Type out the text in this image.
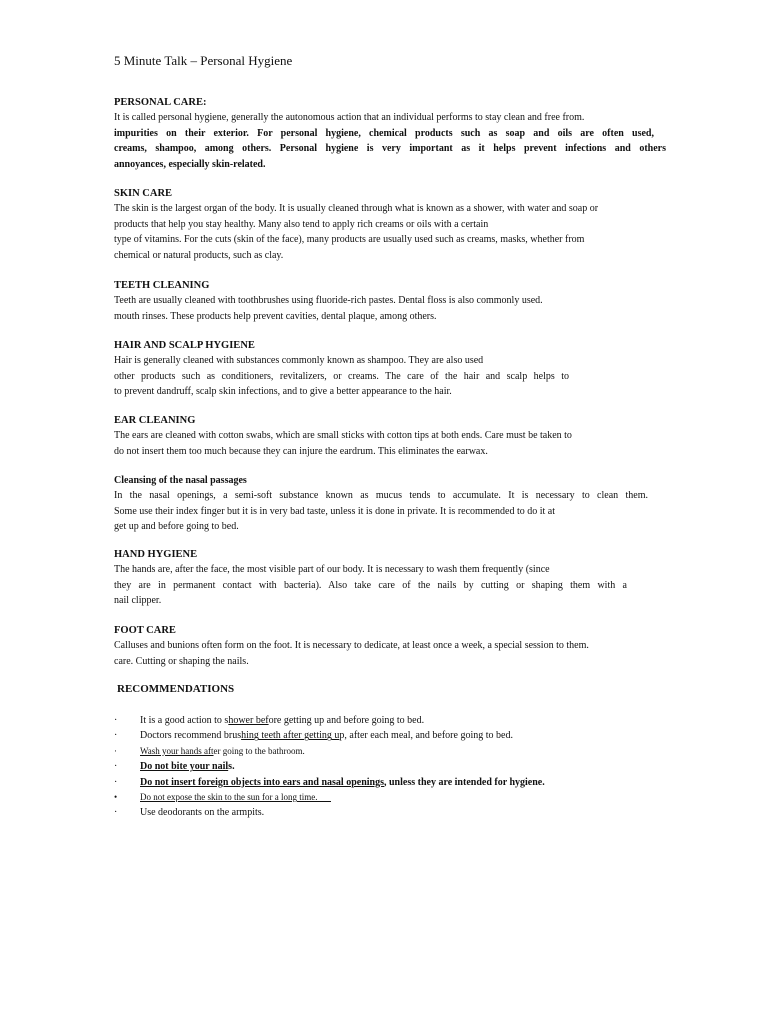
5 Minute Talk – Personal Hygiene
PERSONAL CARE:
It is called personal hygiene, generally the autonomous action that an individual performs to stay clean and free from.
impurities on their exterior. For personal hygiene, chemical products such as soap and oils are often used,
creams, shampoo, among others. Personal hygiene is very important as it helps prevent infections and others
annoyances, especially skin-related.
SKIN CARE
The skin is the largest organ of the body. It is usually cleaned through what is known as a shower, with water and soap or
products that help you stay healthy. Many also tend to apply rich creams or oils with a certain
type of vitamins. For the cuts (skin of the face), many products are usually used such as creams, masks, whether from
chemical or natural products, such as clay.
TEETH CLEANING
Teeth are usually cleaned with toothbrushes using fluoride-rich pastes. Dental floss is also commonly used.
mouth rinses. These products help prevent cavities, dental plaque, among others.
HAIR AND SCALP HYGIENE
Hair is generally cleaned with substances commonly known as shampoo. They are also used
other products such as conditioners, revitalizers, or creams. The care of the hair and scalp helps to
to prevent dandruff, scalp skin infections, and to give a better appearance to the hair.
EAR CLEANING
The ears are cleaned with cotton swabs, which are small sticks with cotton tips at both ends. Care must be taken to
do not insert them too much because they can injure the eardrum. This eliminates the earwax.
Cleansing of the nasal passages
In the nasal openings, a semi-soft substance known as mucus tends to accumulate. It is necessary to clean them.
Some use their index finger but it is in very bad taste, unless it is done in private. It is recommended to do it at
get up and before going to bed.
HAND HYGIENE
The hands are, after the face, the most visible part of our body. It is necessary to wash them frequently (since
they are in permanent contact with bacteria). Also take care of the nails by cutting or shaping them with a
nail clipper.
FOOT CARE
Calluses and bunions often form on the foot. It is necessary to dedicate, at least once a week, a special session to them.
care. Cutting or shaping the nails.
RECOMMENDATIONS
·	It is a good action to s hower bef ore getting up and before going to bed.
·	Doctors recommend brus hing teeth after getting u p, after each meal, and before going to bed.
·	Wash your hands aft er going to the bathroom.
·	Do not bite your nail s.
·	Do not insert foreign objects into ears and nasal openings , unless they are intended for hygiene.
•	Do not expose the skin to the sun for a long time.
·	Use deodorants on the armpits.
